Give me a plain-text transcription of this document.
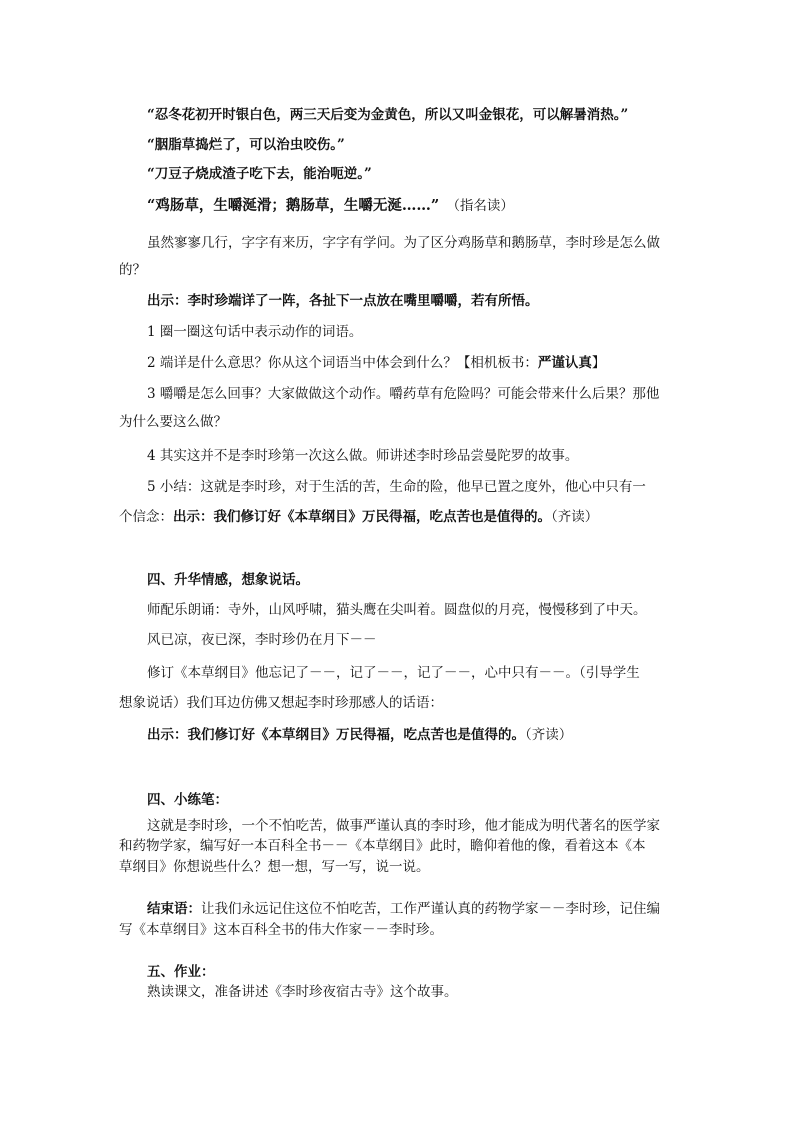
“忍冬花初开时银白色，两三天后变为金黄色，所以又叫金银花，可以解暑消热。”
“胭脂草捣烂了，可以治虫咬伤。”
“刀豆子烧成渣子吃下去，能治呃逆。”
“鸡肠草，生嚼涎滑；鹅肠草，生嚼无涎……” （指名读）
虽然寥寥几行，字字有来历，字字有学问。为了区分鸡肠草和鹅肠草，李时珍是怎么做
的？
出示：李时珍端详了一阵，各扯下一点放在嘴里嚼嚼，若有所悟。
1 圈一圈这句话中表示动作的词语。
2 端详是什么意思？你从这个词语当中体会到什么？【相机板书：严谨认真】
3 嚼嚼是怎么回事？大家做做这个动作。嚼药草有危险吗？可能会带来什么后果？那他
为什么要这么做？
4 其实这并不是李时珍第一次这么做。师讲述李时珍品尝曼陀罗的故事。
5 小结：这就是李时珍，对于生活的苦，生命的险，他早已置之度外，他心中只有一
个信念：出示：我们修订好《本草纲目》万民得福，吃点苦也是值得的。（齐读）
四、升华情感，想象说话。
师配乐朗诵：寺外，山风呼啸，猫头鹰在尖叫着。圆盘似的月亮，慢慢移到了中天。
风已凉，夜已深，李时珍仍在月下－－
修订《本草纲目》他忘记了－－，记了－－，记了－－，心中只有－－。（引导学生
想象说话）我们耳边仿佛又想起李时珍那感人的话语：
出示：我们修订好《本草纲目》万民得福，吃点苦也是值得的。（齐读）
四、小练笔：
这就是李时珍，一个不怕吃苦，做事严谨认真的李时珍，他才能成为明代著名的医学家
和药物学家，编写好一本百科全书－－《本草纲目》此时，瞻仰着他的像，看着这本《本
草纲目》你想说些什么？想一想，写一写，说一说。
结束语：让我们永远记住这位不怕吃苦，工作严谨认真的药物学家－－李时珍，记住编
写《本草纲目》这本百科全书的伟大作家－－李时珍。
五、作业：
熟读课文，准备讲述《李时珍夜宿古寺》这个故事。
